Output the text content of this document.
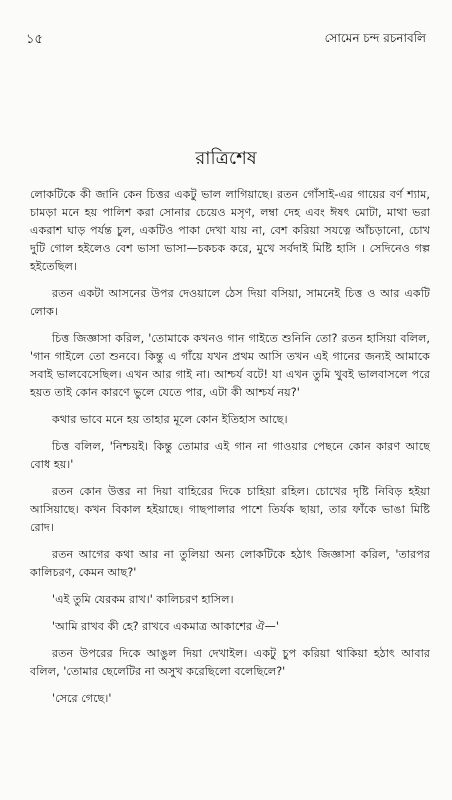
১৫	সোমেন চন্দ রচনাবলি
রাত্রিশেষ

লোকটিকে কী জানি কেন চিত্তর একটু ভাল লাগিয়াছে। রতন গোঁসাই-এর গায়ের বর্ণ শ্যাম, চামড়া মনে হয় পালিশ করা সোনার চেয়েও মসৃণ, লম্বা দেহ এবং ঈষৎ মোটা, মাথা ভরা একরাশ ঘাড় পর্যন্ত চুল, একটিও পাকা দেখা যায় না, বেশ করিয়া সযত্নে আঁচড়ানো, চোখ দুটি গোল হইলেও বেশ ভাসা ভাসা—চকচক করে, মুখে সর্বদাই মিষ্টি হাসি । সেদিনেও গল্প হইতেছিল।

রতন একটা আসনের উপর দেওয়ালে ঠেস দিয়া বসিয়া, সামনেই চিত্ত ও আর একটি লোক।

চিত্ত জিজ্ঞাসা করিল, 'তোমাকে কখনও গান গাইতে শুনিনি তো? রতন হাসিয়া বলিল, 'গান গাইলে তো শুনবে। কিন্তু এ গাঁয়ে যখন প্রথম আসি তখন এই গানের জন্যই আমাকে সবাই ভালবেসেছিল। এখন আর গাই না। আশ্চর্য বটে! যা এখন তুমি খুবই ভালবাসলে পরে হয়ত তাই কোন কারণে ভুলে যেতে পার, এটা কী আশ্চর্য নয়?'

কথার ভাবে মনে হয় তাহার মূলে কোন ইতিহাস আছে।

চিত্ত বলিল, 'নিশ্চয়ই। কিন্তু তোমার এই গান না গাওয়ার পেছনে কোন কারণ আছে বোধ হয়।'

রতন কোন উত্তর না দিয়া বাহিরের দিকে চাহিয়া রহিল। চোখের দৃষ্টি নিবিড় হইয়া আসিয়াছে। কখন বিকাল হইয়াছে। গাছপালার পাশে তির্যক ছায়া, তার ফাঁকে ভাঙা মিষ্টি রোদ।

রতন আগের কথা আর না তুলিয়া অন্য লোকটিকে হঠাৎ জিজ্ঞাসা করিল, 'তারপর কালিচরণ, কেমন আছ?'

'এই তুমি যেরকম রাখ।' কালিচরণ হাসিল।

'আমি রাখব কী হে? রাখবে একমাত্র আকাশের ঐ—'

রতন উপরের দিকে আঙুল দিয়া দেখাইল। একটু চুপ করিয়া থাকিয়া হঠাৎ আবার বলিল, 'তোমার ছেলেটির না অসুখ করেছিলো বলেছিলে?'

'সেরে গেছে।'
